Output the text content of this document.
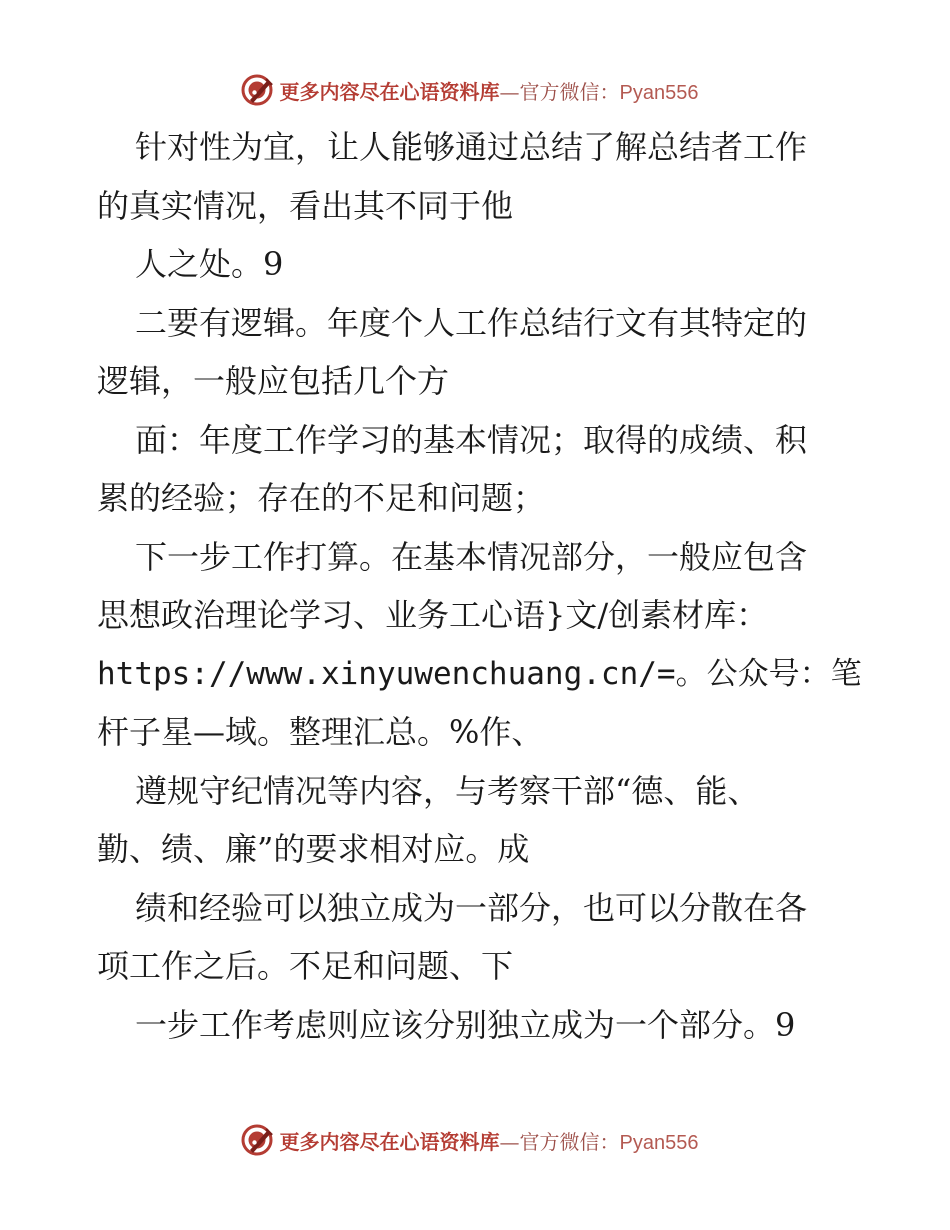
更多内容尽在心语资料库—官方微信：Pyan556
针对性为宜，让人能够通过总结了解总结者工作
的真实情况，看出其不同于他
人之处。9
二要有逻辑。年度个人工作总结行文有其特定的
逻辑，一般应包括几个方
面：年度工作学习的基本情况；取得的成绩、积
累的经验；存在的不足和问题；
下一步工作打算。在基本情况部分，一般应包含
思想政治理论学习、业务工心语}文/创素材库：
https://www.xinyuwenchuang.cn/=。公众号：笔
杆子星—域。整理汇总。%作、
遵规守纪情况等内容，与考察干部“德、能、
勤、绩、廉”的要求相对应。成
绩和经验可以独立成为一部分，也可以分散在各
项工作之后。不足和问题、下
一步工作考虑则应该分别独立成为一个部分。9
更多内容尽在心语资料库—官方微信：Pyan556
